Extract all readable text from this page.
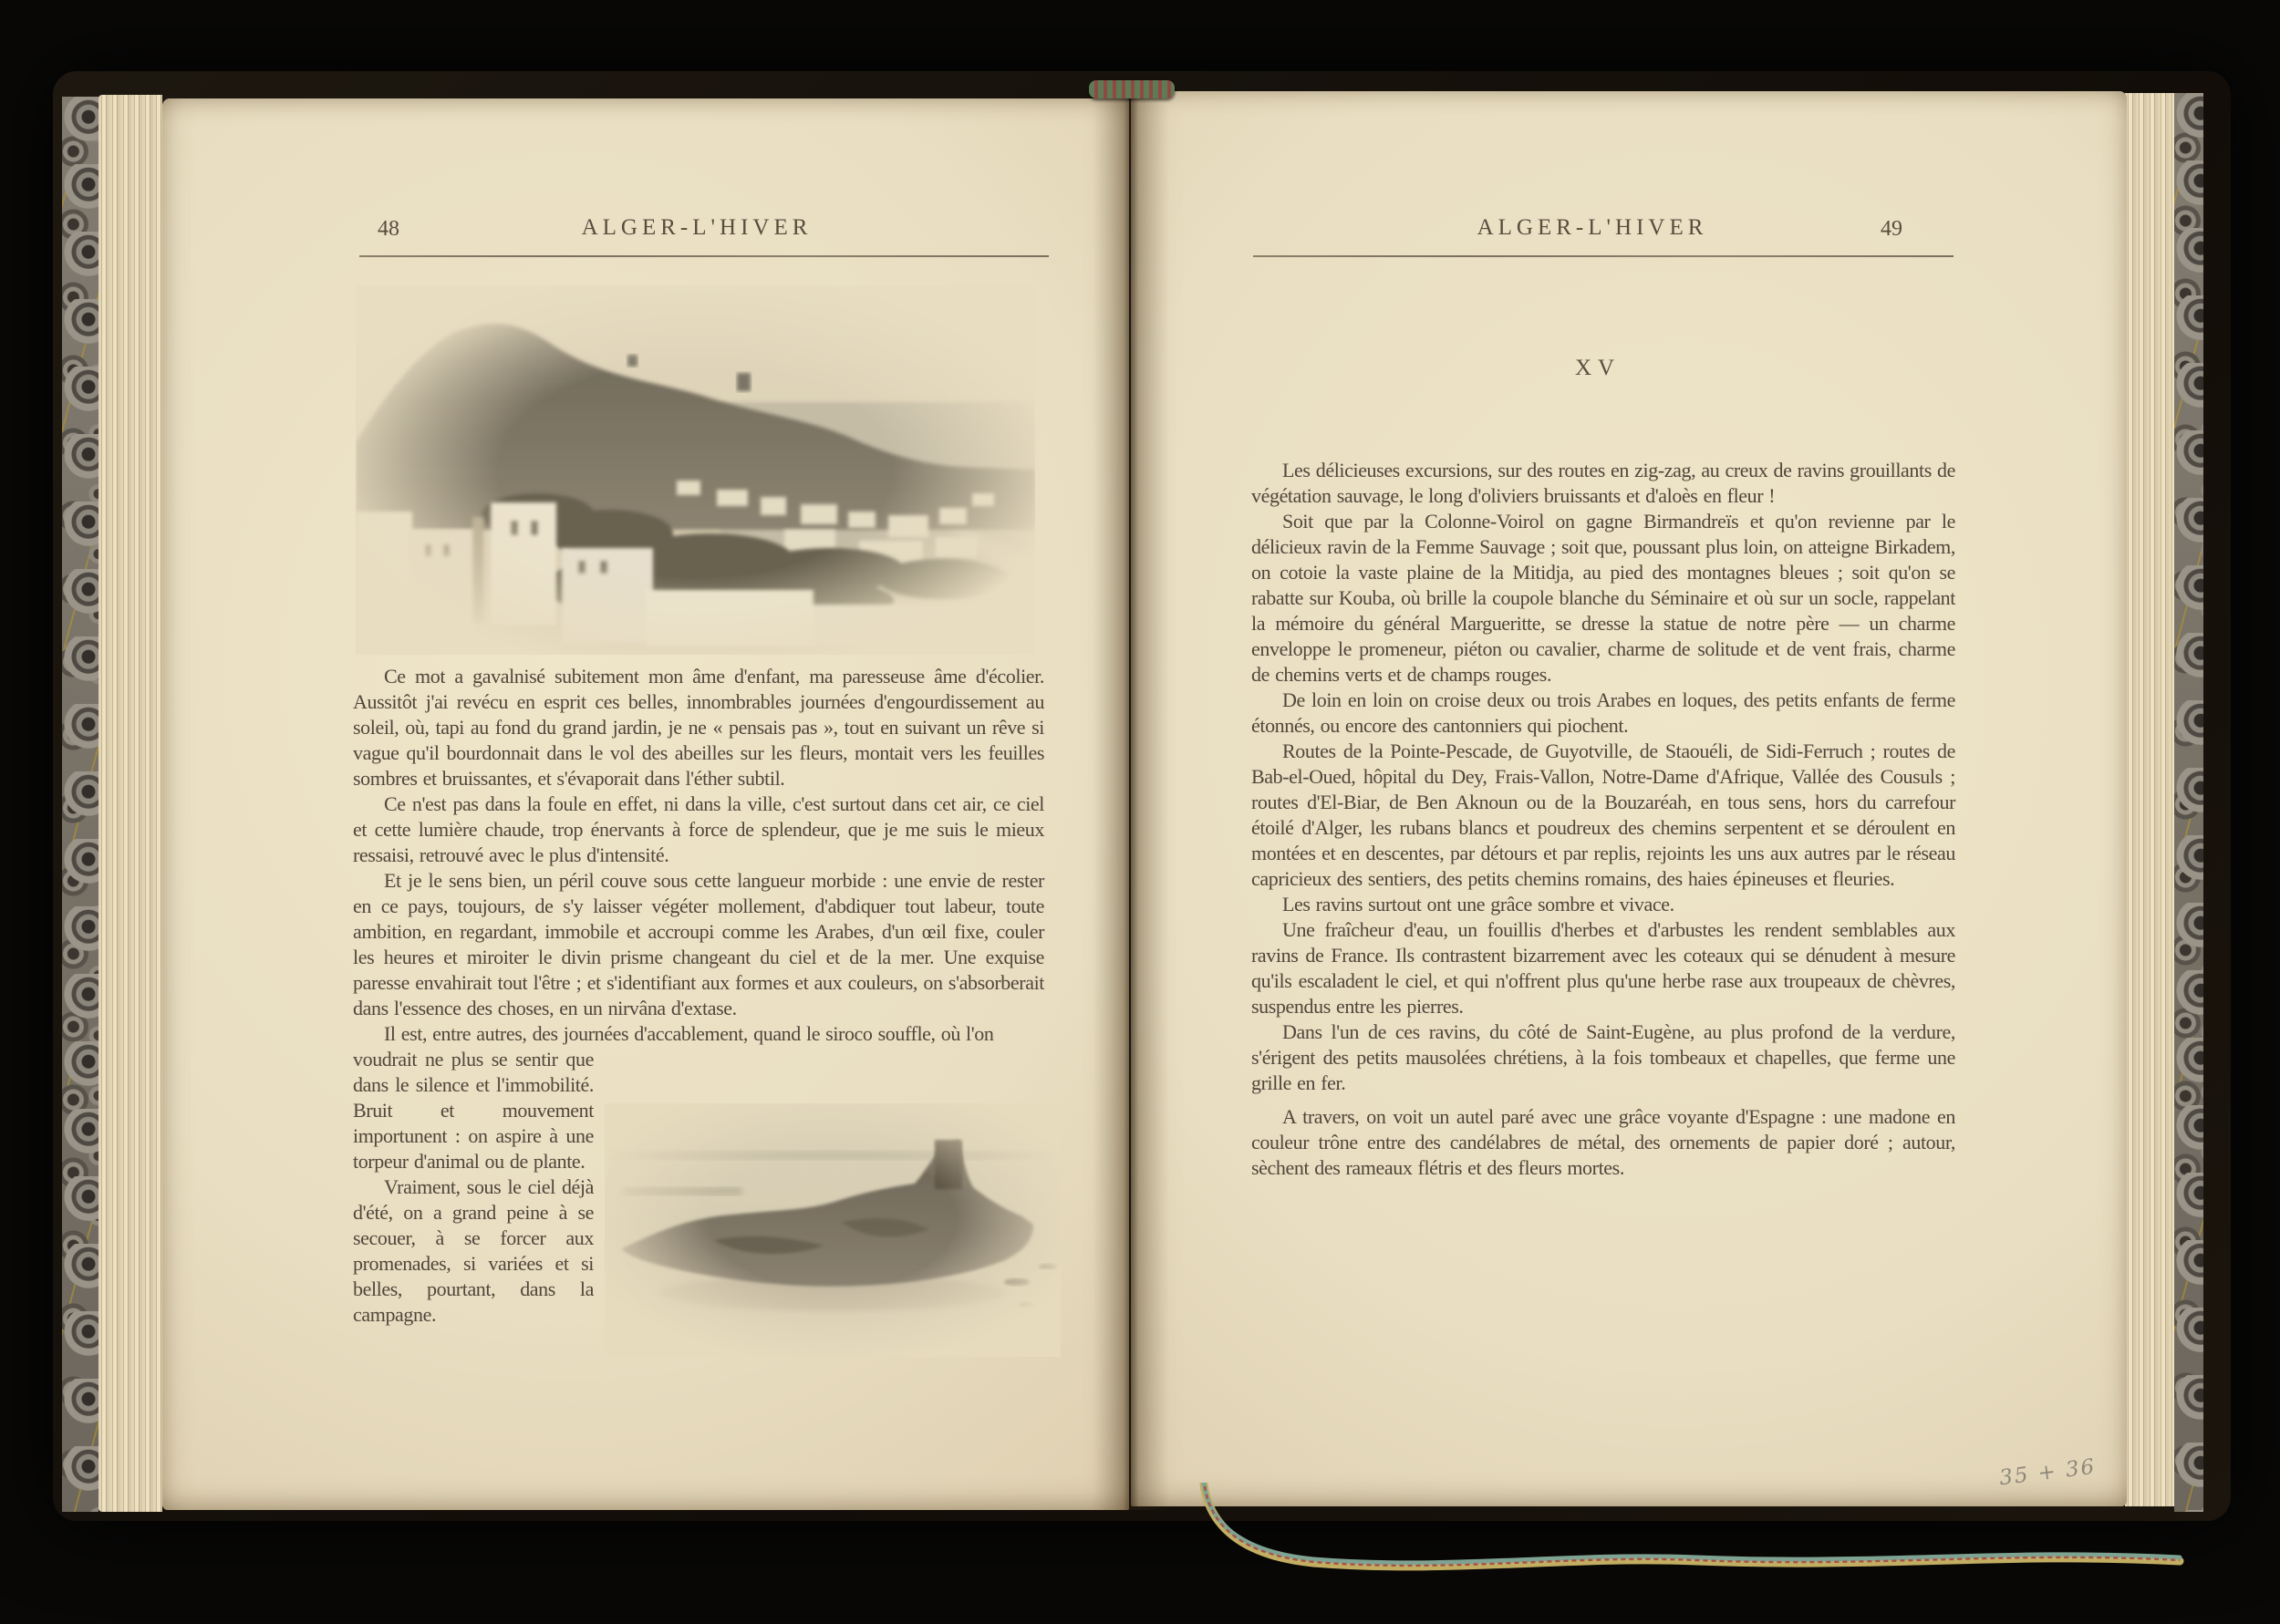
48	ALGER-L'HIVER

Ce mot a gavalnisé subitement mon âme d'enfant, ma paresseuse âme d'écolier. Aussitôt j'ai revécu en esprit ces belles, innombrables journées d'engourdissement au soleil, où, tapi au fond du grand jardin, je ne « pensais pas », tout en suivant un rêve si vague qu'il bourdonnait dans le vol des abeilles sur les fleurs, montait vers les feuilles sombres et bruissantes, et s'évaporait dans l'éther subtil.

Ce n'est pas dans la foule en effet, ni dans la ville, c'est surtout dans cet air, ce ciel et cette lumière chaude, trop énervants à force de splendeur, que je me suis le mieux ressaisi, retrouvé avec le plus d'intensité.

Et je le sens bien, un péril couve sous cette langueur morbide : une envie de rester en ce pays, toujours, de s'y laisser végéter mollement, d'abdiquer tout labeur, toute ambition, en regardant, immobile et accroupi comme les Arabes, d'un œil fixe, couler les heures et miroiter le divin prisme changeant du ciel et de la mer. Une exquise paresse envahirait tout l'être ; et s'identifiant aux formes et aux couleurs, on s'absorberait dans l'essence des choses, en un nirvâna d'extase.

Il est, entre autres, des journées d'accablement, quand le siroco souffle, où l'on

voudrait ne plus se sentir que dans le silence et l'immobilité. Bruit et mouvement importunent : on aspire à une torpeur d'animal ou de plante.

Vraiment, sous le ciel déjà d'été, on a grand peine à se secouer, à se forcer aux promenades, si variées et si belles, pourtant, dans la campagne.

ALGER-L'HIVER	49
XV

Les délicieuses excursions, sur des routes en zig-zag, au creux de ravins grouillants de végétation sauvage, le long d'oliviers bruissants et d'aloès en fleur !

Soit que par la Colonne-Voirol on gagne Birmandreïs et qu'on revienne par le délicieux ravin de la Femme Sauvage ; soit que, poussant plus loin, on atteigne Birkadem, on cotoie la vaste plaine de la Mitidja, au pied des montagnes bleues ; soit qu'on se rabatte sur Kouba, où brille la coupole blanche du Séminaire et où sur un socle, rappelant la mémoire du général Margueritte, se dresse la statue de notre père — un charme enveloppe le promeneur, piéton ou cavalier, charme de solitude et de vent frais, charme de chemins verts et de champs rouges.

De loin en loin on croise deux ou trois Arabes en loques, des petits enfants de ferme étonnés, ou encore des cantonniers qui piochent.

Routes de la Pointe-Pescade, de Guyotville, de Staouéli, de Sidi-Ferruch ; routes de Bab-el-Oued, hôpital du Dey, Frais-Vallon, Notre-Dame d'Afrique, Vallée des Cousuls ; routes d'El-Biar, de Ben Aknoun ou de la Bouzaréah, en tous sens, hors du carrefour étoilé d'Alger, les rubans blancs et poudreux des chemins serpentent et se déroulent en montées et en descentes, par détours et par replis, rejoints les uns aux autres par le réseau capricieux des sentiers, des petits chemins romains, des haies épineuses et fleuries.

Les ravins surtout ont une grâce sombre et vivace.

Une fraîcheur d'eau, un fouillis d'herbes et d'arbustes les rendent semblables aux ravins de France. Ils contrastent bizarrement avec les coteaux qui se dénudent à mesure qu'ils escaladent le ciel, et qui n'offrent plus qu'une herbe rase aux troupeaux de chèvres, suspendus entre les pierres.

Dans l'un de ces ravins, du côté de Saint-Eugène, au plus profond de la verdure, s'érigent des petits mausolées chrétiens, à la fois tombeaux et chapelles, que ferme une grille en fer.

A travers, on voit un autel paré avec une grâce voyante d'Espagne : une madone en couleur trône entre des candélabres de métal, des ornements de papier doré ; autour, sèchent des rameaux flétris et des fleurs mortes.

35 + 36
